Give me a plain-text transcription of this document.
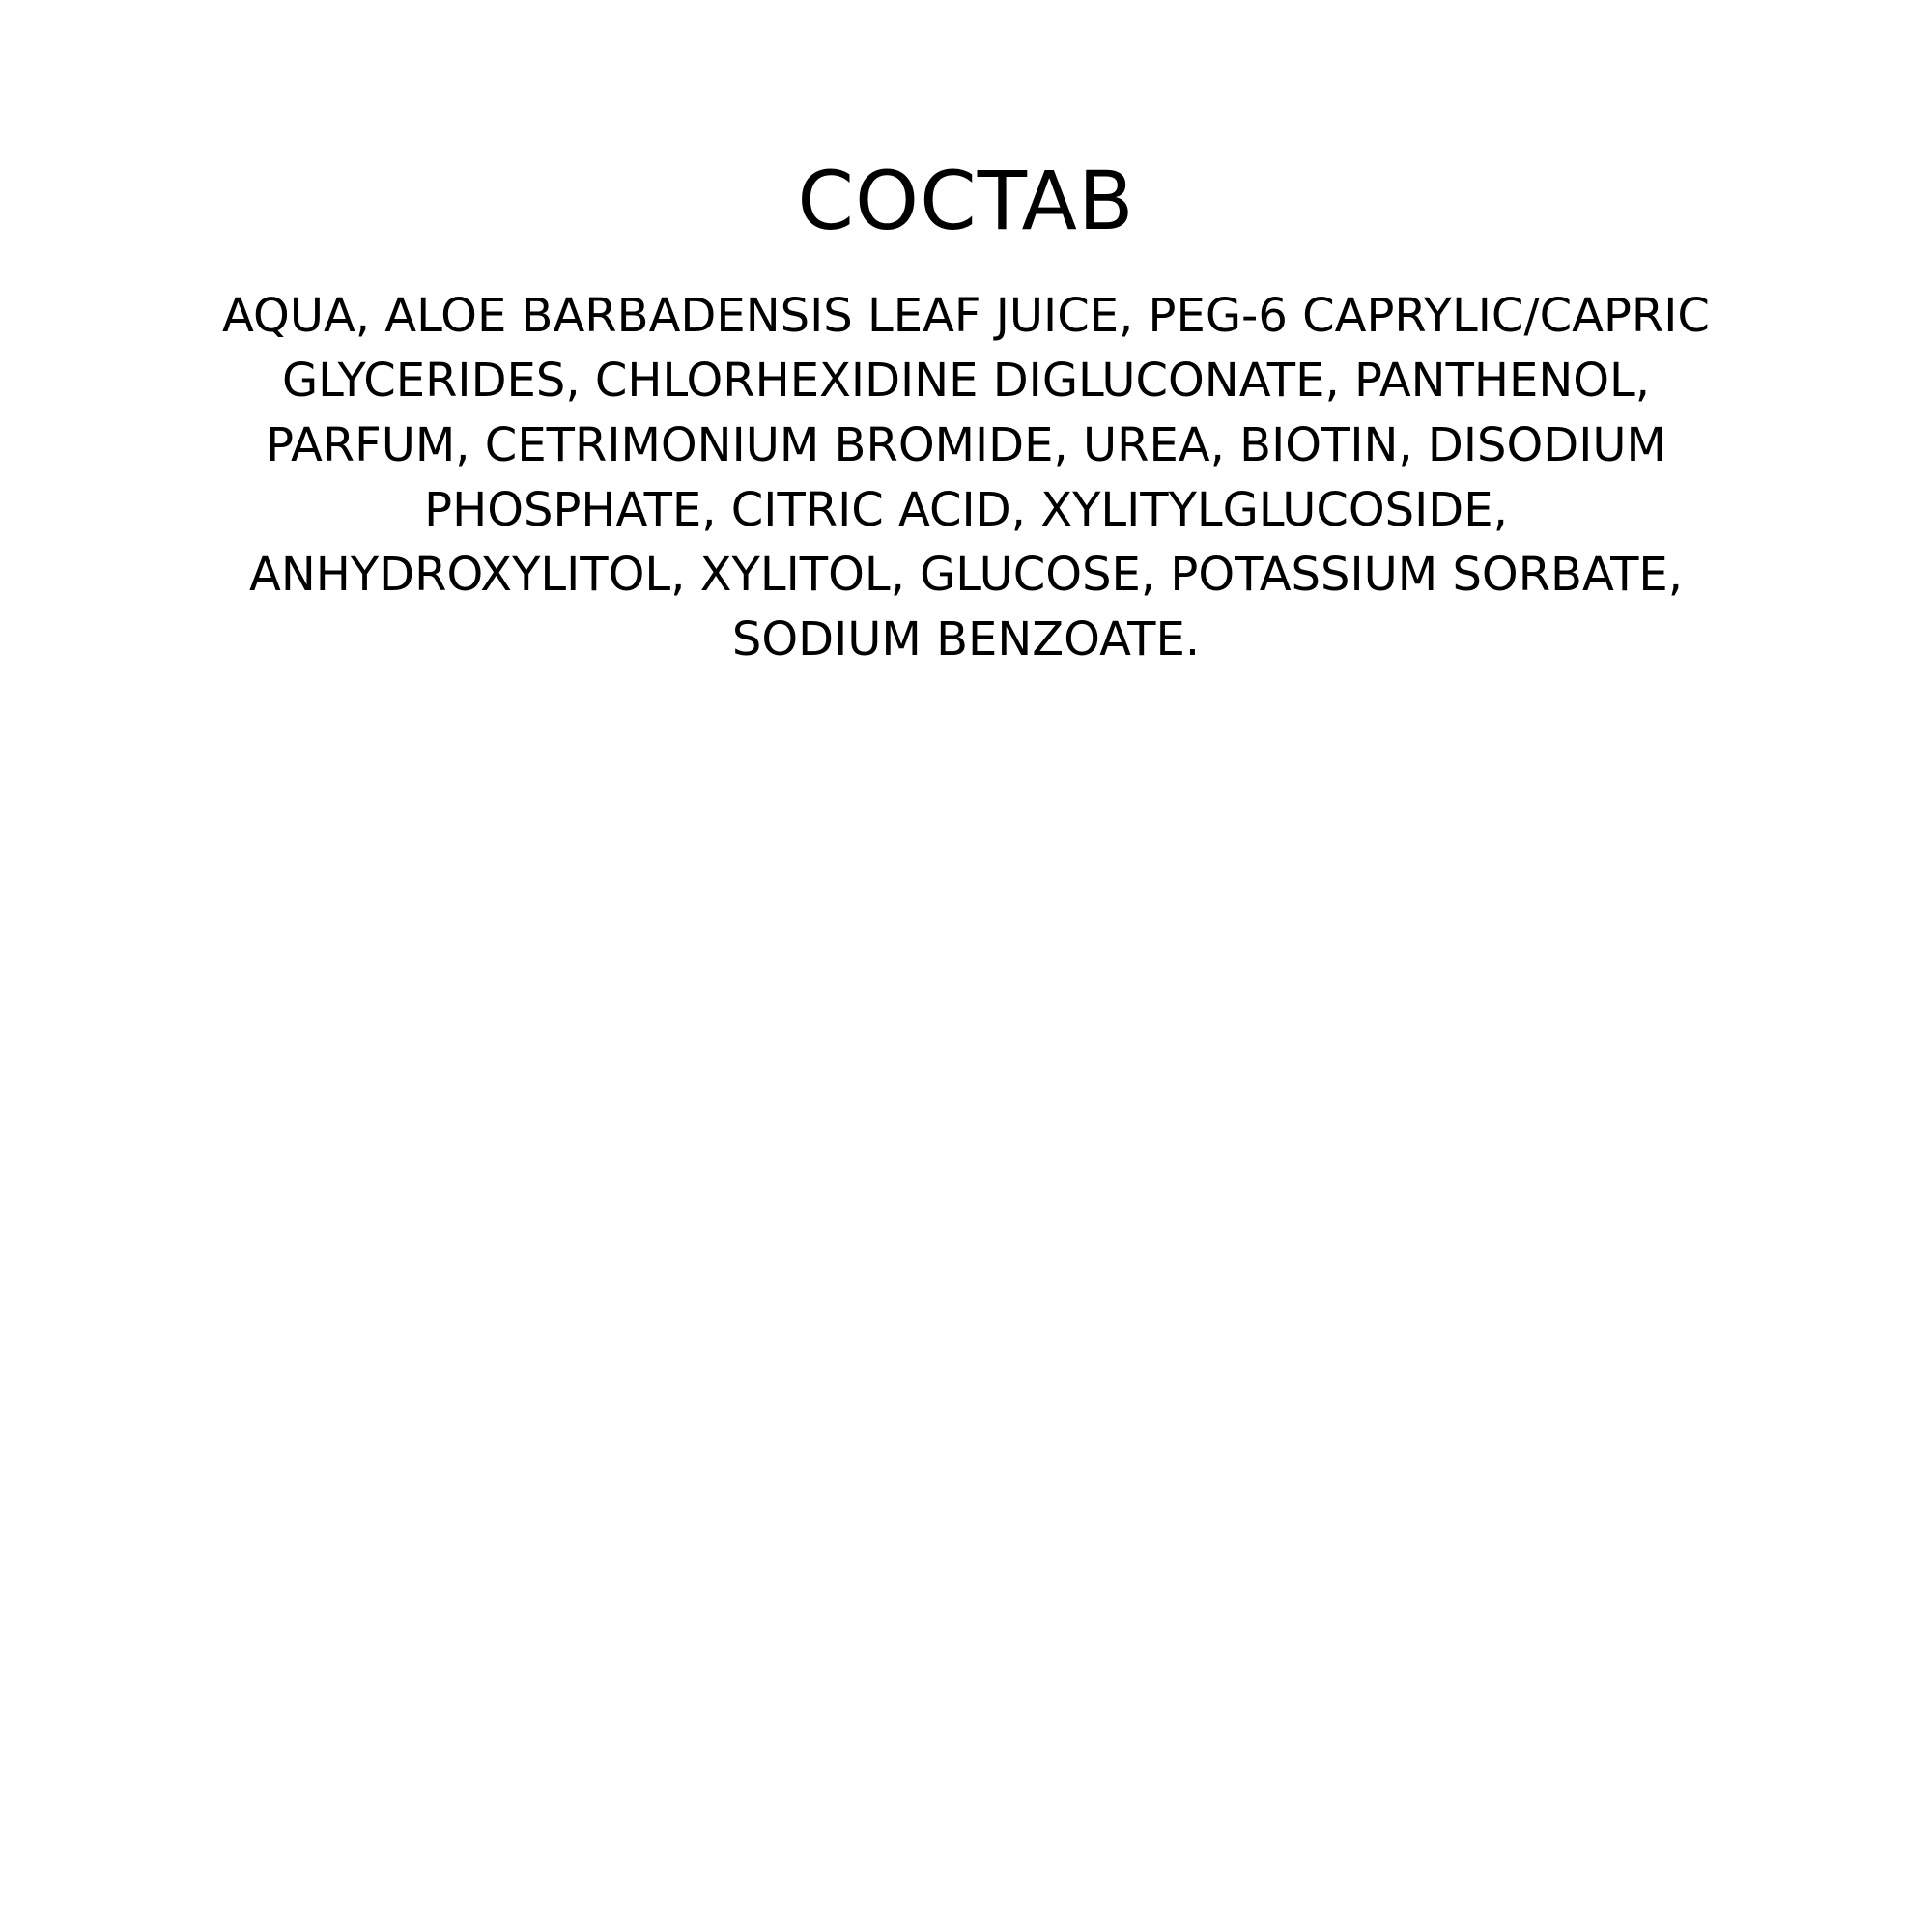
COCTAB
AQUA, ALOE BARBADENSIS LEAF JUICE, PEG-6 CAPRYLIC/CAPRIC
GLYCERIDES, CHLORHEXIDINE DIGLUCONATE, PANTHENOL,
PARFUM, CETRIMONIUM BROMIDE, UREA, BIOTIN, DISODIUM
PHOSPHATE, CITRIC ACID, XYLITYLGLUCOSIDE,
ANHYDROXYLITOL, XYLITOL, GLUCOSE, POTASSIUM SORBATE,
SODIUM BENZOATE.
